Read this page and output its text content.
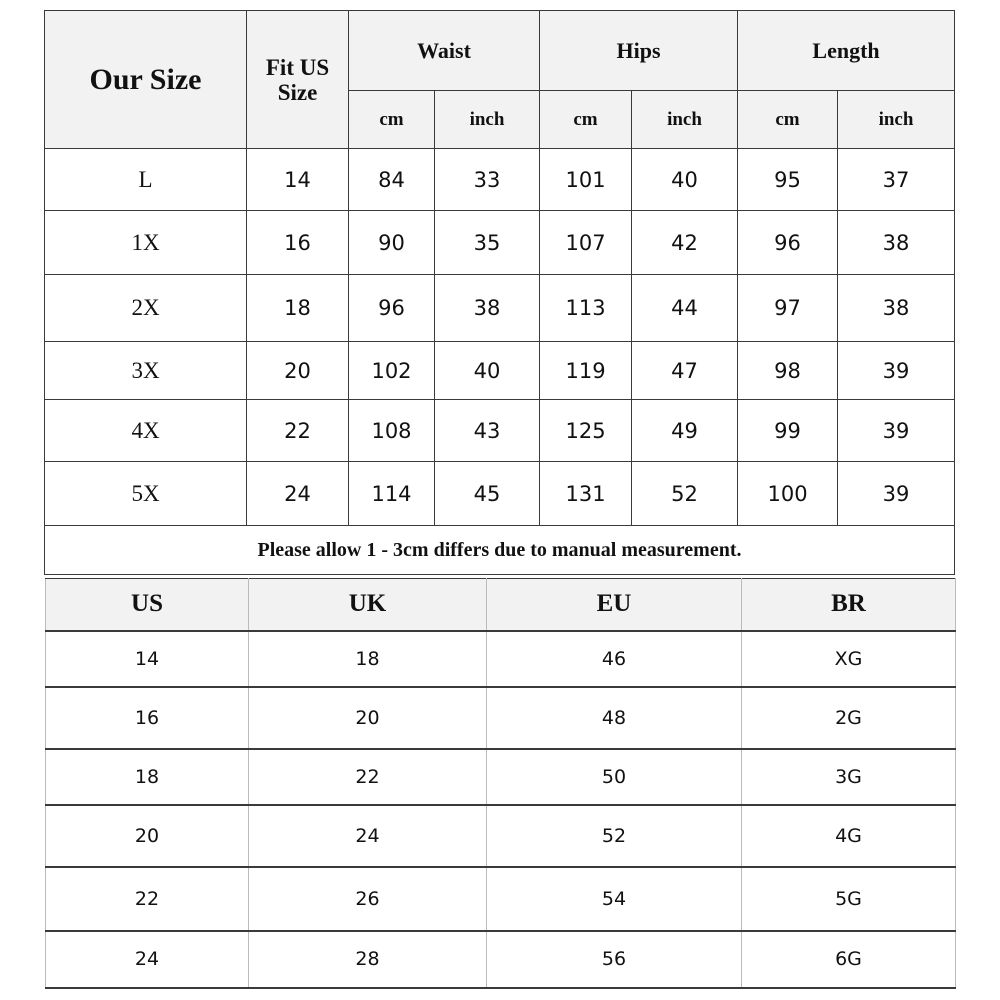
Our Size	Fit US Size	Waist		Hips		Length	
		cm	inch	cm	inch	cm	inch
L	14	84	33	101	40	95	37
1X	16	90	35	107	42	96	38
2X	18	96	38	113	44	97	38
3X	20	102	40	119	47	98	39
4X	22	108	43	125	49	99	39
5X	24	114	45	131	52	100	39
Please allow 1 - 3cm differs due to manual measurement.							
US	UK	EU	BR
14	18	46	XG
16	20	48	2G
18	22	50	3G
20	24	52	4G
22	26	54	5G
24	28	56	6G
